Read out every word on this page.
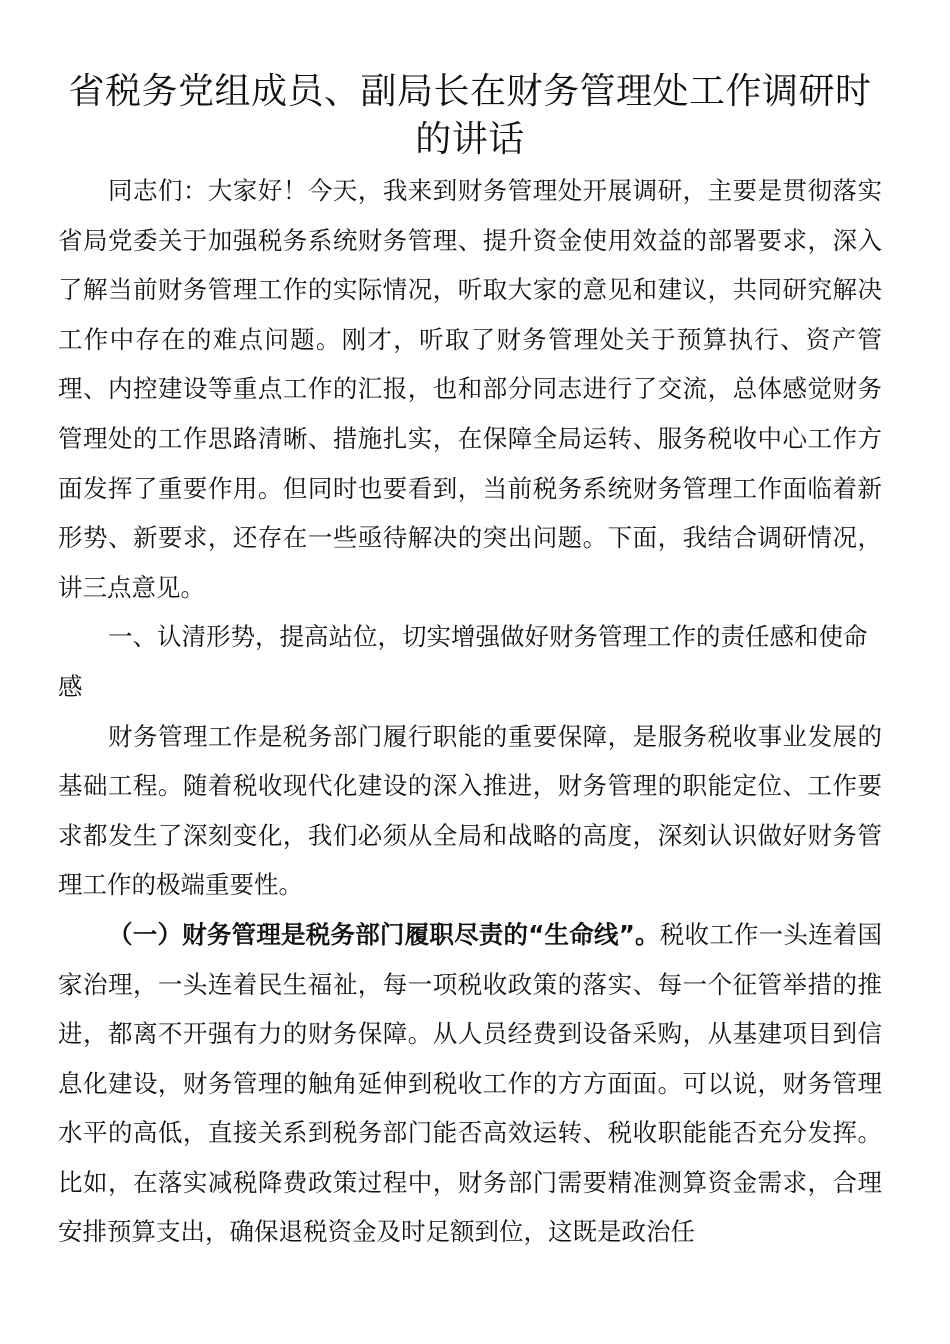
省税务党组成员、副局长在财务管理处工作调研时的讲话

同志们：大家好！今天，我来到财务管理处开展调研，主要是贯彻落实省局党委关于加强税务系统财务管理、提升资金使用效益的部署要求，深入了解当前财务管理工作的实际情况，听取大家的意见和建议，共同研究解决工作中存在的难点问题。刚才，听取了财务管理处关于预算执行、资产管理、内控建设等重点工作的汇报，也和部分同志进行了交流，总体感觉财务管理处的工作思路清晰、措施扎实，在保障全局运转、服务税收中心工作方面发挥了重要作用。但同时也要看到，当前税务系统财务管理工作面临着新形势、新要求，还存在一些亟待解决的突出问题。下面，我结合调研情况，讲三点意见。

一、认清形势，提高站位，切实增强做好财务管理工作的责任感和使命感

财务管理工作是税务部门履行职能的重要保障，是服务税收事业发展的基础工程。随着税收现代化建设的深入推进，财务管理的职能定位、工作要求都发生了深刻变化，我们必须从全局和战略的高度，深刻认识做好财务管理工作的极端重要性。

（一）财务管理是税务部门履职尽责的“生命线”。税收工作一头连着国家治理，一头连着民生福祉，每一项税收政策的落实、每一个征管举措的推进，都离不开强有力的财务保障。从人员经费到设备采购，从基建项目到信息化建设，财务管理的触角延伸到税收工作的方方面面。可以说，财务管理水平的高低，直接关系到税务部门能否高效运转、税收职能能否充分发挥。比如，在落实减税降费政策过程中，财务部门需要精准测算资金需求，合理安排预算支出，确保退税资金及时足额到位，这既是政治任
